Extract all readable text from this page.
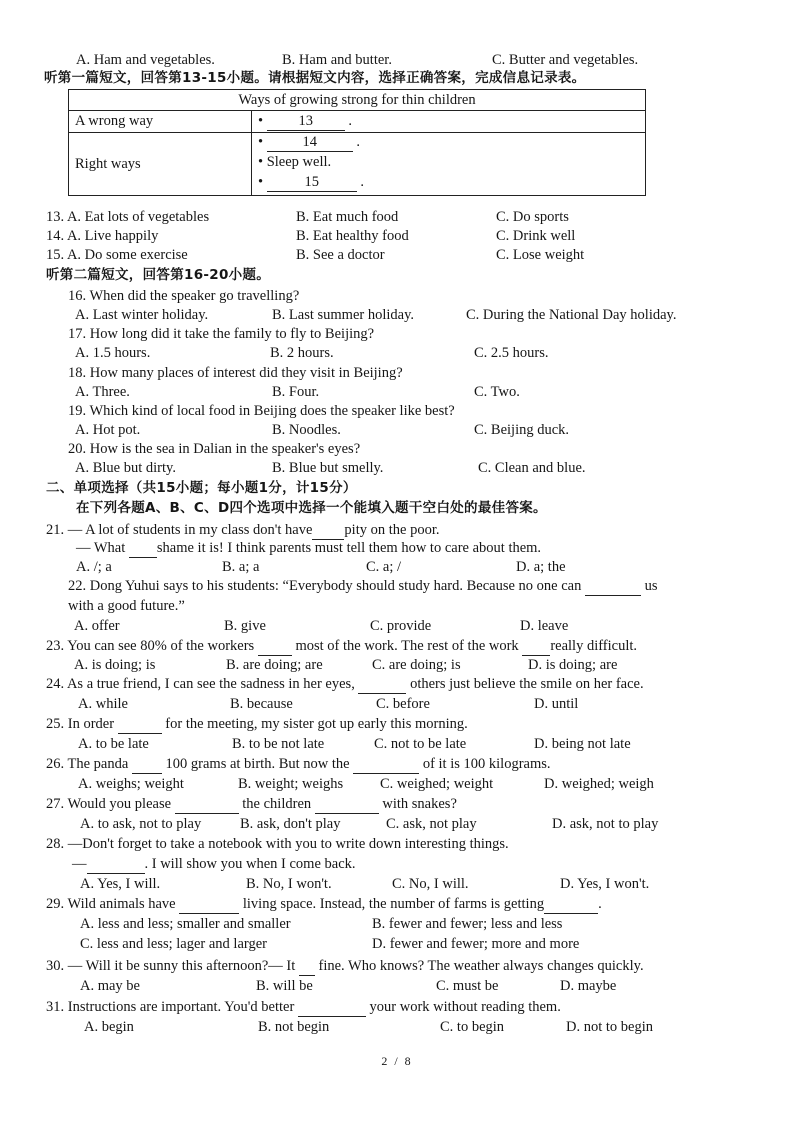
A. Ham and vegetables.	B. Ham and butter.	C. Butter and vegetables.
听第一篇短文，回答第13-15小题。请根据短文内容，选择正确答案，完成信息记录表。
Ways of growing strong for thin children	
A wrong way	• 13 .
Right ways	• 14 .
• Sleep well.
• 15 .
13. A. Eat lots of vegetables	B. Eat much food	C. Do sports
14. A. Live happily	B. Eat healthy food	C. Drink well
15. A. Do some exercise	B. See a doctor	C. Lose weight
听第二篇短文，回答第16-20小题。
16. When did the speaker go travelling?
A. Last winter holiday.	B. Last summer holiday.	C. During the National Day holiday.
17. How long did it take the family to fly to Beijing?
A. 1.5 hours.	B. 2 hours.	C. 2.5 hours.
18. How many places of interest did they visit in Beijing?
A. Three.	B. Four.	C. Two.
19. Which kind of local food in Beijing does the speaker like best?
A. Hot pot.	B. Noodles.	C. Beijing duck.
20. How is the sea in Dalian in the speaker's eyes?
A. Blue but dirty.	B. Blue but smelly.	C. Clean and blue.
二、单项选择（共15小题；每小题1分，计15分）
在下列各题A、B、C、D四个选项中选择一个能填入题干空白处的最佳答案。
21. — A lot of students in my class don't have pity on the poor.
— What shame it is! I think parents must tell them how to care about them.
A. /; a	B. a; a	C. a; /	D. a; the
22. Dong Yuhui says to his students: “Everybody should study hard. Because no one can	us
with a good future.”
A. offer	B. give	C. provide	D. leave
23. You can see 80% of the workers	most of the work. The rest of the work really difficult.
A. is doing; is	B. are doing; are	C. are doing; is	D. is doing; are
24. As a true friend, I can see the sadness in her eyes,	others just believe the smile on her face.
A. while	B. because	C. before	D. until
25. In order	for the meeting, my sister got up early this morning.
A. to be late	B. to be not late	C. not to be late	D. being not late
26. The panda	100 grams at birth. But now the	of it is 100 kilograms.
A. weighs; weight	B. weight; weighs	C. weighed; weight	D. weighed; weigh
27. Would you please	the children	with snakes?
A. to ask, not to play	B. ask, don't play	C. ask, not play	D. ask, not to play
28. —Don't forget to take a notebook with you to write down interesting things.
—	. I will show you when I come back.
A. Yes, I will.	B. No, I won't.	C. No, I will.	D. Yes, I won't.
29. Wild animals have	living space. Instead, the number of farms is getting	.
A. less and less; smaller and smaller	B. fewer and fewer; less and less
C. less and less; lager and larger	D. fewer and fewer; more and more
30. — Will it be sunny this afternoon?— It fine. Who knows? The weather always changes quickly.
A. may be	B. will be	C. must be	D. maybe
31. Instructions are important. You'd better	your work without reading them.
A. begin	B. not begin	C. to begin	D. not to begin
2 / 8
